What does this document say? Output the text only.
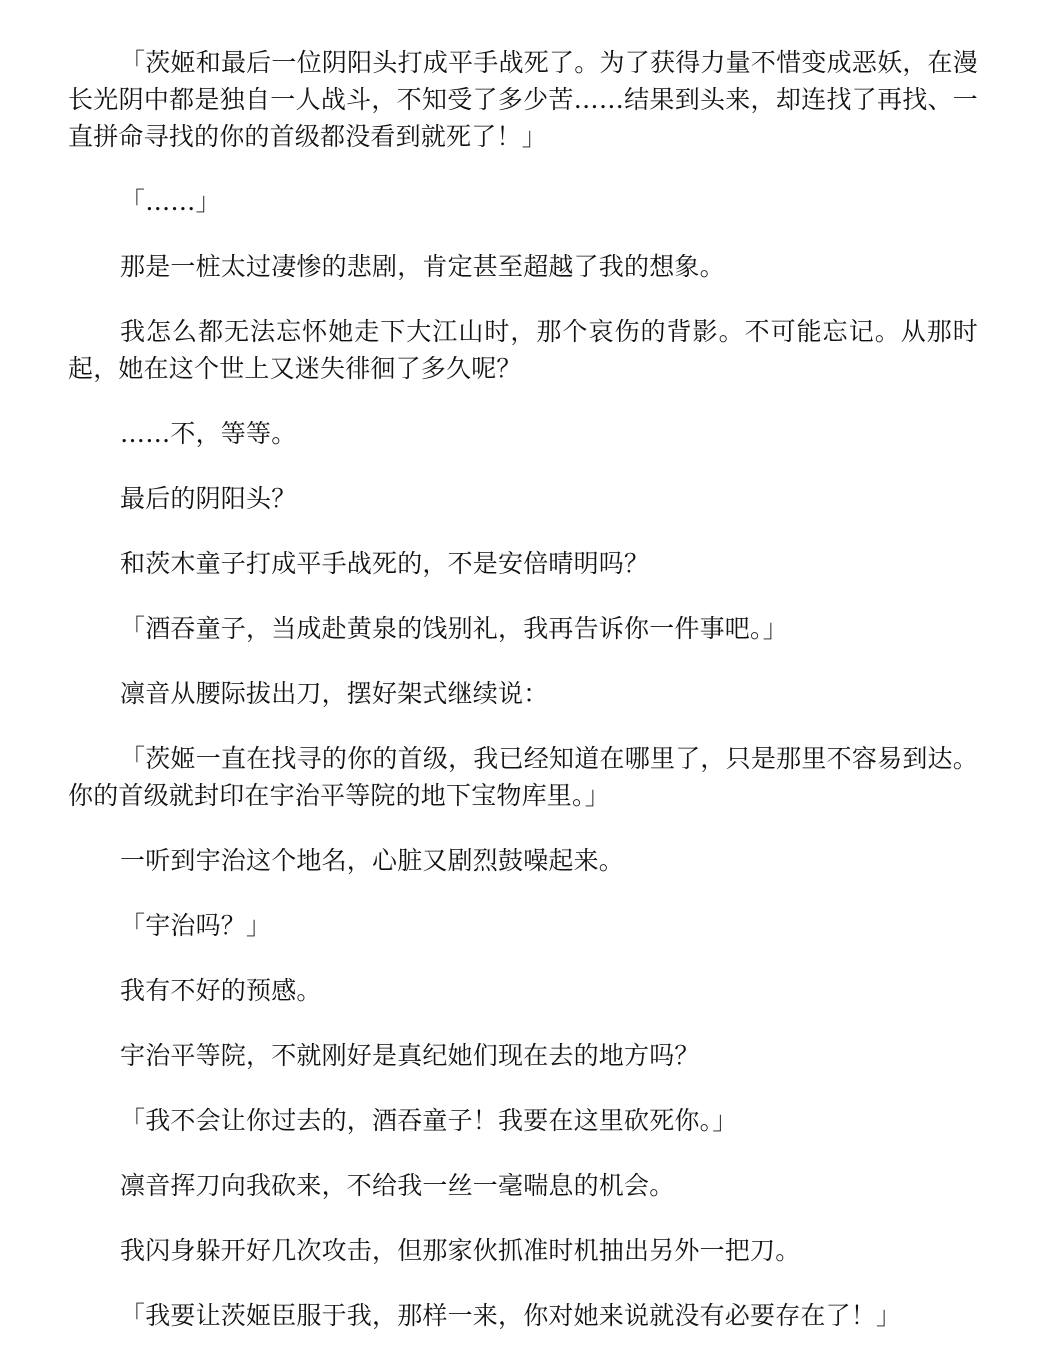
「茨姬和最后一位阴阳头打成平手战死了。为了获得力量不惜变成恶妖，在漫长光阴中都是独自一人战斗，不知受了多少苦……结果到头来，却连找了再找、一直拼命寻找的你的首级都没看到就死了！」

「……」

那是一桩太过凄惨的悲剧，肯定甚至超越了我的想象。

我怎么都无法忘怀她走下大江山时，那个哀伤的背影。不可能忘记。从那时起，她在这个世上又迷失徘徊了多久呢？

……不，等等。

最后的阴阳头？

和茨木童子打成平手战死的，不是安倍晴明吗？

「酒吞童子，当成赴黄泉的饯别礼，我再告诉你一件事吧。」

凛音从腰际拔出刀，摆好架式继续说：

「茨姬一直在找寻的你的首级，我已经知道在哪里了，只是那里不容易到达。你的首级就封印在宇治平等院的地下宝物库里。」

一听到宇治这个地名，心脏又剧烈鼓噪起来。

「宇治吗？」

我有不好的预感。

宇治平等院，不就刚好是真纪她们现在去的地方吗？

「我不会让你过去的，酒吞童子！我要在这里砍死你。」

凛音挥刀向我砍来，不给我一丝一毫喘息的机会。

我闪身躲开好几次攻击，但那家伙抓准时机抽出另外一把刀。

「我要让茨姬臣服于我，那样一来，你对她来说就没有必要存在了！」
